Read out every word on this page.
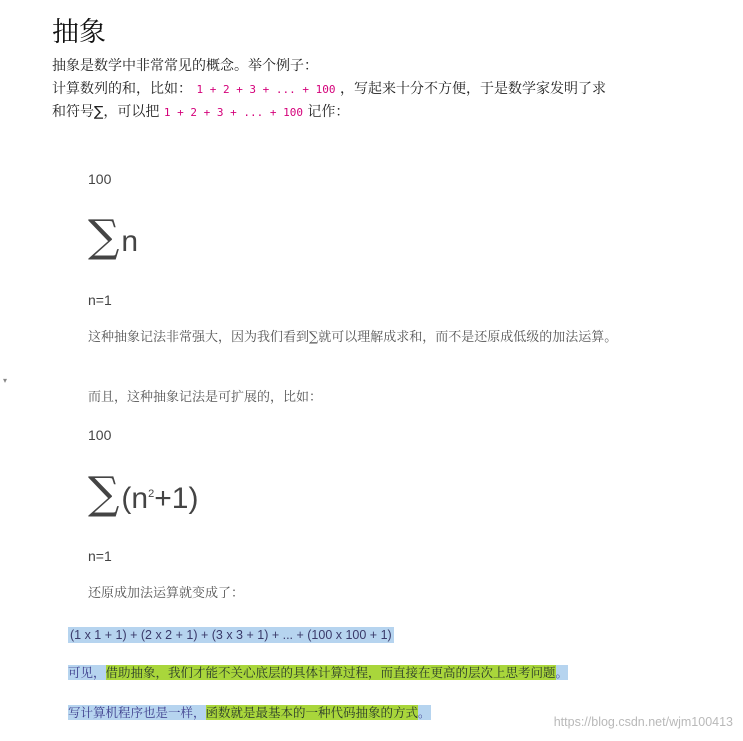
抽象
抽象是数学中非常常见的概念。举个例子：
计算数列的和，比如： 1 + 2 + 3 + ... + 100 ，写起来十分不方便，于是数学家发明了求
和符号∑，可以把 1 + 2 + 3 + ... + 100 记作：
100
∑ n
n=1
这种抽象记法非常强大，因为我们看到∑就可以理解成求和，而不是还原成低级的加法运算。
而且，这种抽象记法是可扩展的，比如：
100
∑ $(n^2+1)$
n=1
还原成加法运算就变成了：
(1 x 1 + 1) + (2 x 2 + 1) + (3 x 3 + 1) + ... + (100 x 100 + 1)
可见，借助抽象，我们才能不关心底层的具体计算过程，而直接在更高的层次上思考问题。
写计算机程序也是一样，函数就是最基本的一种代码抽象的方式。
▾
https://blog.csdn.net/wjm100413
